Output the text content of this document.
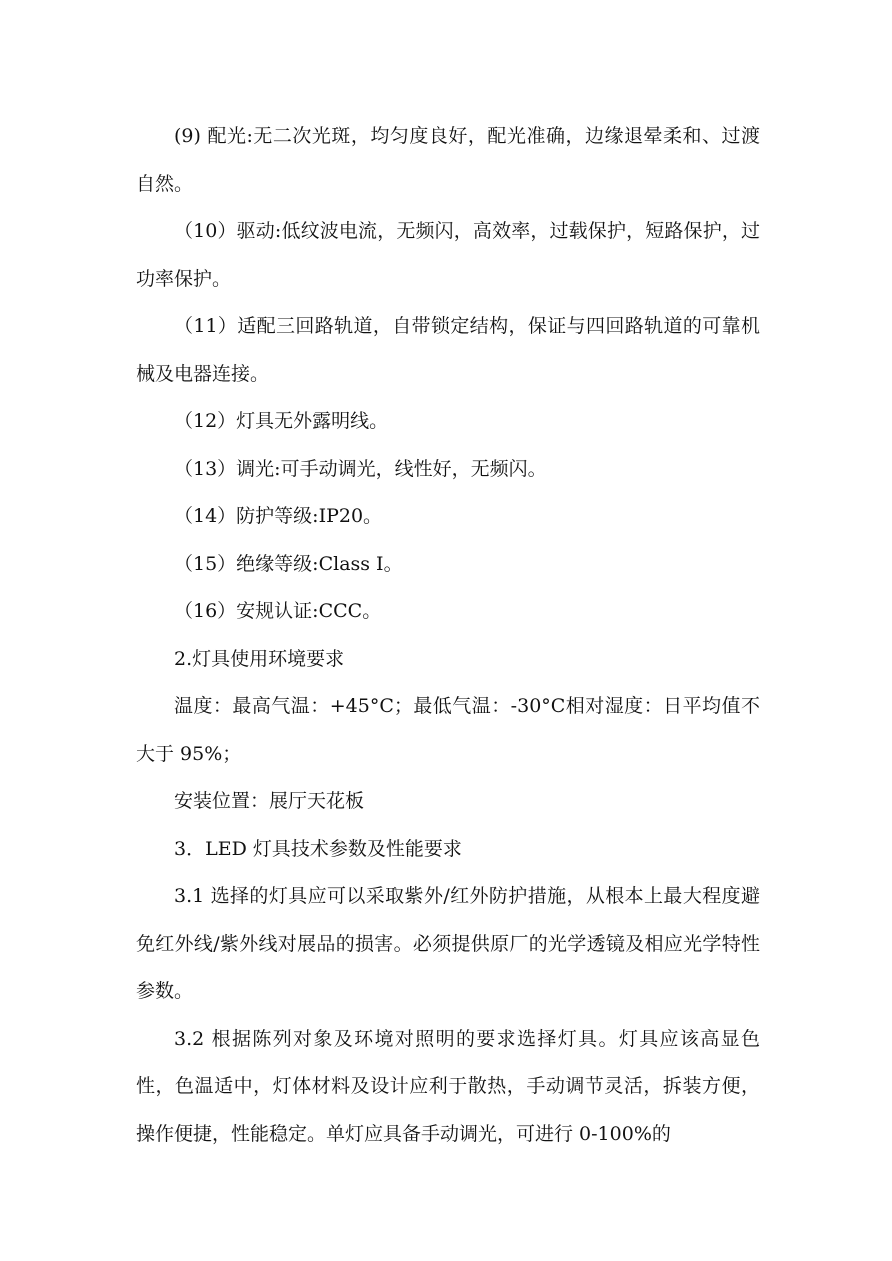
(9) 配光:无二次光斑，均匀度良好，配光准确，边缘退晕柔和、过渡自然。

（10）驱动:低纹波电流，无频闪，高效率，过载保护，短路保护，过功率保护。

（11）适配三回路轨道，自带锁定结构，保证与四回路轨道的可靠机械及电器连接。

（12）灯具无外露明线。

（13）调光:可手动调光，线性好，无频闪。

（14）防护等级:IP20。

（15）绝缘等级:Class Ⅰ。

（16）安规认证:CCC。

2.灯具使用环境要求

温度：最高气温：+45°C；最低气温：-30°C相对湿度：日平均值不大于 95%；

安装位置：展厅天花板

3．LED 灯具技术参数及性能要求

3.1 选择的灯具应可以采取紫外/红外防护措施，从根本上最大程度避免红外线/紫外线对展品的损害。必须提供原厂的光学透镜及相应光学特性参数。

3.2 根据陈列对象及环境对照明的要求选择灯具。灯具应该高显色性，色温适中，灯体材料及设计应利于散热，手动调节灵活，拆装方便，操作便捷，性能稳定。单灯应具备手动调光，可进行 0-100%的
